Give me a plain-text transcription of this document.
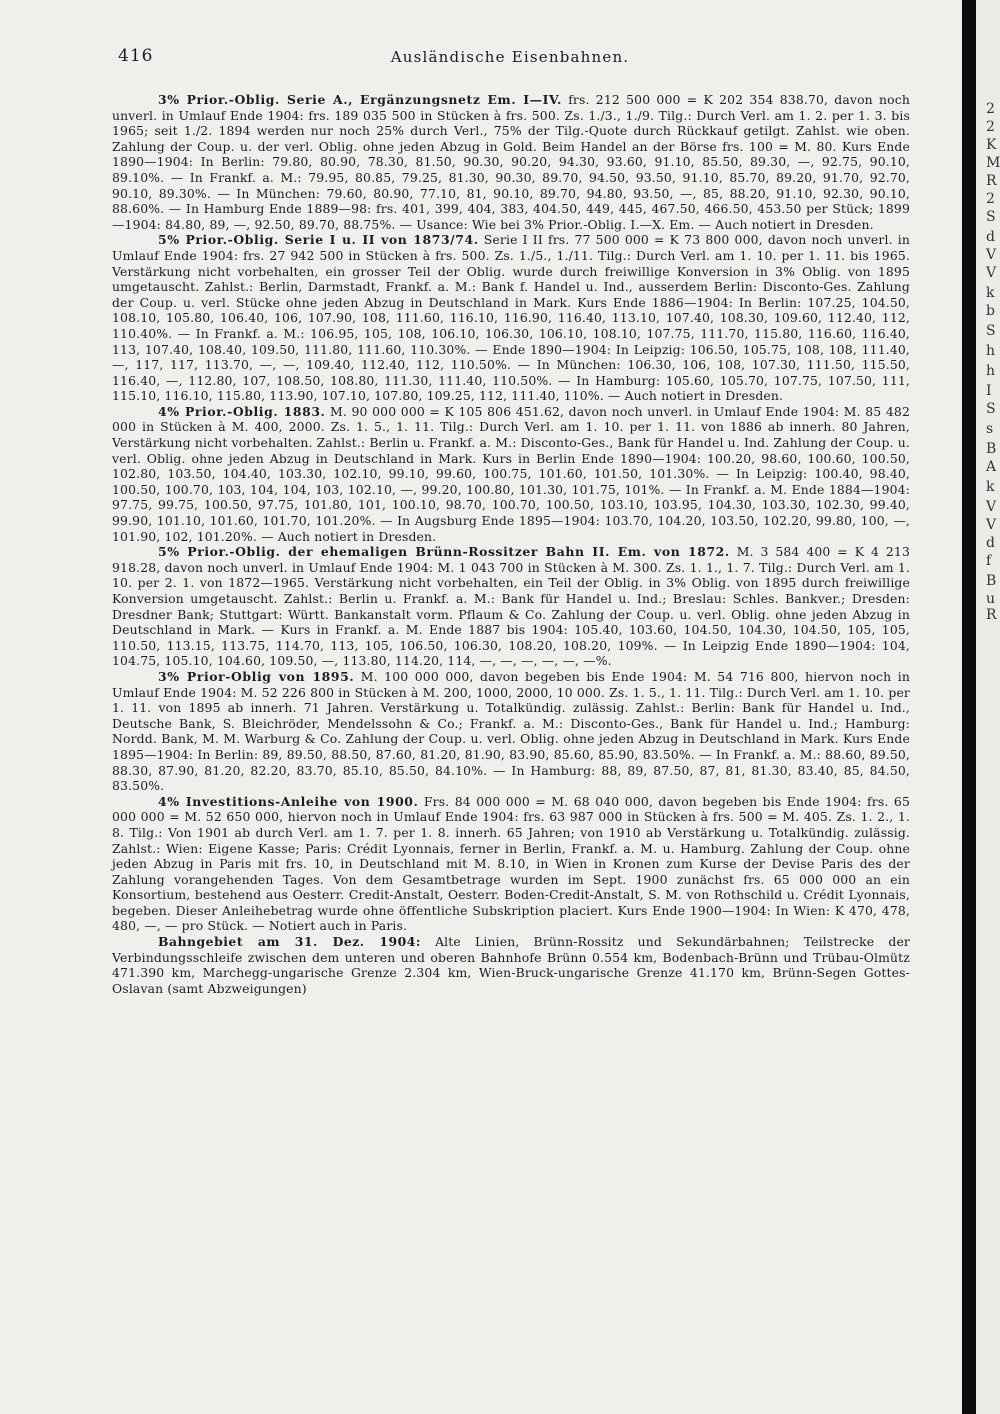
416	Ausländische Eisenbahnen.

3% Prior.-Oblig. Serie A., Ergänzungsnetz Em. I—IV. frs. 212 500 000 = K 202 354 838.70, davon noch unverl. in Umlauf Ende 1904: frs. 189 035 500 in Stücken à frs. 500. Zs. 1./3., 1./9. Tilg.: Durch Verl. am 1. 2. per 1. 3. bis 1965; seit 1./2. 1894 werden nur noch 25% durch Verl., 75% der Tilg.-Quote durch Rückkauf getilgt. Zahlst. wie oben. Zahlung der Coup. u. der verl. Oblig. ohne jeden Abzug in Gold. Beim Handel an der Börse frs. 100 = M. 80. Kurs Ende 1890—1904: In Berlin: 79.80, 80.90, 78.30, 81.50, 90.30, 90.20, 94.30, 93.60, 91.10, 85.50, 89.30, —, 92.75, 90.10, 89.10%. — In Frankf. a. M.: 79.95, 80.85, 79.25, 81.30, 90.30, 89.70, 94.50, 93.50, 91.10, 85.70, 89.20, 91.70, 92.70, 90.10, 89.30%. — In München: 79.60, 80.90, 77.10, 81, 90.10, 89.70, 94.80, 93.50, —, 85, 88.20, 91.10, 92.30, 90.10, 88.60%. — In Hamburg Ende 1889—98: frs. 401, 399, 404, 383, 404.50, 449, 445, 467.50, 466.50, 453.50 per Stück; 1899—1904: 84.80, 89, —, 92.50, 89.70, 88.75%. — Usance: Wie bei 3% Prior.-Oblig. I.—X. Em. — Auch notiert in Dresden.

5% Prior.-Oblig. Serie I u. II von 1873/74. Serie I II frs. 77 500 000 = K 73 800 000, davon noch unverl. in Umlauf Ende 1904: frs. 27 942 500 in Stücken à frs. 500. Zs. 1./5., 1./11. Tilg.: Durch Verl. am 1. 10. per 1. 11. bis 1965. Verstärkung nicht vorbehalten, ein grosser Teil der Oblig. wurde durch freiwillige Konversion in 3% Oblig. von 1895 umgetauscht. Zahlst.: Berlin, Darmstadt, Frankf. a. M.: Bank f. Handel u. Ind., ausserdem Berlin: Disconto-Ges. Zahlung der Coup. u. verl. Stücke ohne jeden Abzug in Deutschland in Mark. Kurs Ende 1886—1904: In Berlin: 107.25, 104.50, 108.10, 105.80, 106.40, 106, 107.90, 108, 111.60, 116.10, 116.90, 116.40, 113.10, 107.40, 108.30, 109.60, 112.40, 112, 110.40%. — In Frankf. a. M.: 106.95, 105, 108, 106.10, 106.30, 106.10, 108.10, 107.75, 111.70, 115.80, 116.60, 116.40, 113, 107.40, 108.40, 109.50, 111.80, 111.60, 110.30%. — Ende 1890—1904: In Leipzig: 106.50, 105.75, 108, 108, 111.40, —, 117, 117, 113.70, —, —, 109.40, 112.40, 112, 110.50%. — In München: 106.30, 106, 108, 107.30, 111.50, 115.50, 116.40, —, 112.80, 107, 108.50, 108.80, 111.30, 111.40, 110.50%. — In Hamburg: 105.60, 105.70, 107.75, 107.50, 111, 115.10, 116.10, 115.80, 113.90, 107.10, 107.80, 109.25, 112, 111.40, 110%. — Auch notiert in Dresden.

4% Prior.-Oblig. 1883. M. 90 000 000 = K 105 806 451.62, davon noch unverl. in Umlauf Ende 1904: M. 85 482 000 in Stücken à M. 400, 2000. Zs. 1. 5., 1. 11. Tilg.: Durch Verl. am 1. 10. per 1. 11. von 1886 ab innerh. 80 Jahren, Verstärkung nicht vorbehalten. Zahlst.: Berlin u. Frankf. a. M.: Disconto-Ges., Bank für Handel u. Ind. Zahlung der Coup. u. verl. Oblig. ohne jeden Abzug in Deutschland in Mark. Kurs in Berlin Ende 1890—1904: 100.20, 98.60, 100.60, 100.50, 102.80, 103.50, 104.40, 103.30, 102.10, 99.10, 99.60, 100.75, 101.60, 101.50, 101.30%. — In Leipzig: 100.40, 98.40, 100.50, 100.70, 103, 104, 104, 103, 102.10, —, 99.20, 100.80, 101.30, 101.75, 101%. — In Frankf. a. M. Ende 1884—1904: 97.75, 99.75, 100.50, 97.75, 101.80, 101, 100.10, 98.70, 100.70, 100.50, 103.10, 103.95, 104.30, 103.30, 102.30, 99.40, 99.90, 101.10, 101.60, 101.70, 101.20%. — In Augsburg Ende 1895—1904: 103.70, 104.20, 103.50, 102.20, 99.80, 100, —, 101.90, 102, 101.20%. — Auch notiert in Dresden.

5% Prior.-Oblig. der ehemaligen Brünn-Rossitzer Bahn II. Em. von 1872. M. 3 584 400 = K 4 213 918.28, davon noch unverl. in Umlauf Ende 1904: M. 1 043 700 in Stücken à M. 300. Zs. 1. 1., 1. 7. Tilg.: Durch Verl. am 1. 10. per 2. 1. von 1872—1965. Verstärkung nicht vorbehalten, ein Teil der Oblig. in 3% Oblig. von 1895 durch freiwillige Konversion umgetauscht. Zahlst.: Berlin u. Frankf. a. M.: Bank für Handel u. Ind.; Breslau: Schles. Bankver.; Dresden: Dresdner Bank; Stuttgart: Württ. Bankanstalt vorm. Pflaum & Co. Zahlung der Coup. u. verl. Oblig. ohne jeden Abzug in Deutschland in Mark. — Kurs in Frankf. a. M. Ende 1887 bis 1904: 105.40, 103.60, 104.50, 104.30, 104.50, 105, 105, 110.50, 113.15, 113.75, 114.70, 113, 105, 106.50, 106.30, 108.20, 108.20, 109%. — In Leipzig Ende 1890—1904: 104, 104.75, 105.10, 104.60, 109.50, —, 113.80, 114.20, 114, —, —, —, —, —, —%.

3% Prior-Oblig von 1895. M. 100 000 000, davon begeben bis Ende 1904: M. 54 716 800, hiervon noch in Umlauf Ende 1904: M. 52 226 800 in Stücken à M. 200, 1000, 2000, 10 000. Zs. 1. 5., 1. 11. Tilg.: Durch Verl. am 1. 10. per 1. 11. von 1895 ab innerh. 71 Jahren. Verstärkung u. Totalkündig. zulässig. Zahlst.: Berlin: Bank für Handel u. Ind., Deutsche Bank, S. Bleichröder, Mendelssohn & Co.; Frankf. a. M.: Disconto-Ges., Bank für Handel u. Ind.; Hamburg: Nordd. Bank, M. M. Warburg & Co. Zahlung der Coup. u. verl. Oblig. ohne jeden Abzug in Deutschland in Mark. Kurs Ende 1895—1904: In Berlin: 89, 89.50, 88.50, 87.60, 81.20, 81.90, 83.90, 85.60, 85.90, 83.50%. — In Frankf. a. M.: 88.60, 89.50, 88.30, 87.90, 81.20, 82.20, 83.70, 85.10, 85.50, 84.10%. — In Hamburg: 88, 89, 87.50, 87, 81, 81.30, 83.40, 85, 84.50, 83.50%.

4% Investitions-Anleihe von 1900. Frs. 84 000 000 = M. 68 040 000, davon begeben bis Ende 1904: frs. 65 000 000 = M. 52 650 000, hiervon noch in Umlauf Ende 1904: frs. 63 987 000 in Stücken à frs. 500 = M. 405. Zs. 1. 2., 1. 8. Tilg.: Von 1901 ab durch Verl. am 1. 7. per 1. 8. innerh. 65 Jahren; von 1910 ab Verstärkung u. Totalkündig. zulässig. Zahlst.: Wien: Eigene Kasse; Paris: Crédit Lyonnais, ferner in Berlin, Frankf. a. M. u. Hamburg. Zahlung der Coup. ohne jeden Abzug in Paris mit frs. 10, in Deutschland mit M. 8.10, in Wien in Kronen zum Kurse der Devise Paris des der Zahlung vorangehenden Tages. Von dem Gesamtbetrage wurden im Sept. 1900 zunächst frs. 65 000 000 an ein Konsortium, bestehend aus Oesterr. Credit-Anstalt, Oesterr. Boden-Credit-Anstalt, S. M. von Rothschild u. Crédit Lyonnais, begeben. Dieser Anleihebetrag wurde ohne öffentliche Subskription placiert. Kurs Ende 1900—1904: In Wien: K 470, 478, 480, —, — pro Stück. — Notiert auch in Paris.

Bahngebiet am 31. Dez. 1904: Alte Linien, Brünn-Rossitz und Sekundärbahnen; Teilstrecke der Verbindungsschleife zwischen dem unteren und oberen Bahnhofe Brünn 0.554 km, Bodenbach-Brünn und Trübau-Olmütz 471.390 km, Marchegg-ungarische Grenze 2.304 km, Wien-Bruck-ungarische Grenze 41.170 km, Brünn-Segen Gottes-Oslavan (samt Abzweigungen)

2
2
K
M
R
2
S
d
V
V
k
b
S
h
h
I
S
s
B
A
k
V
V
d
f
B
u
R
